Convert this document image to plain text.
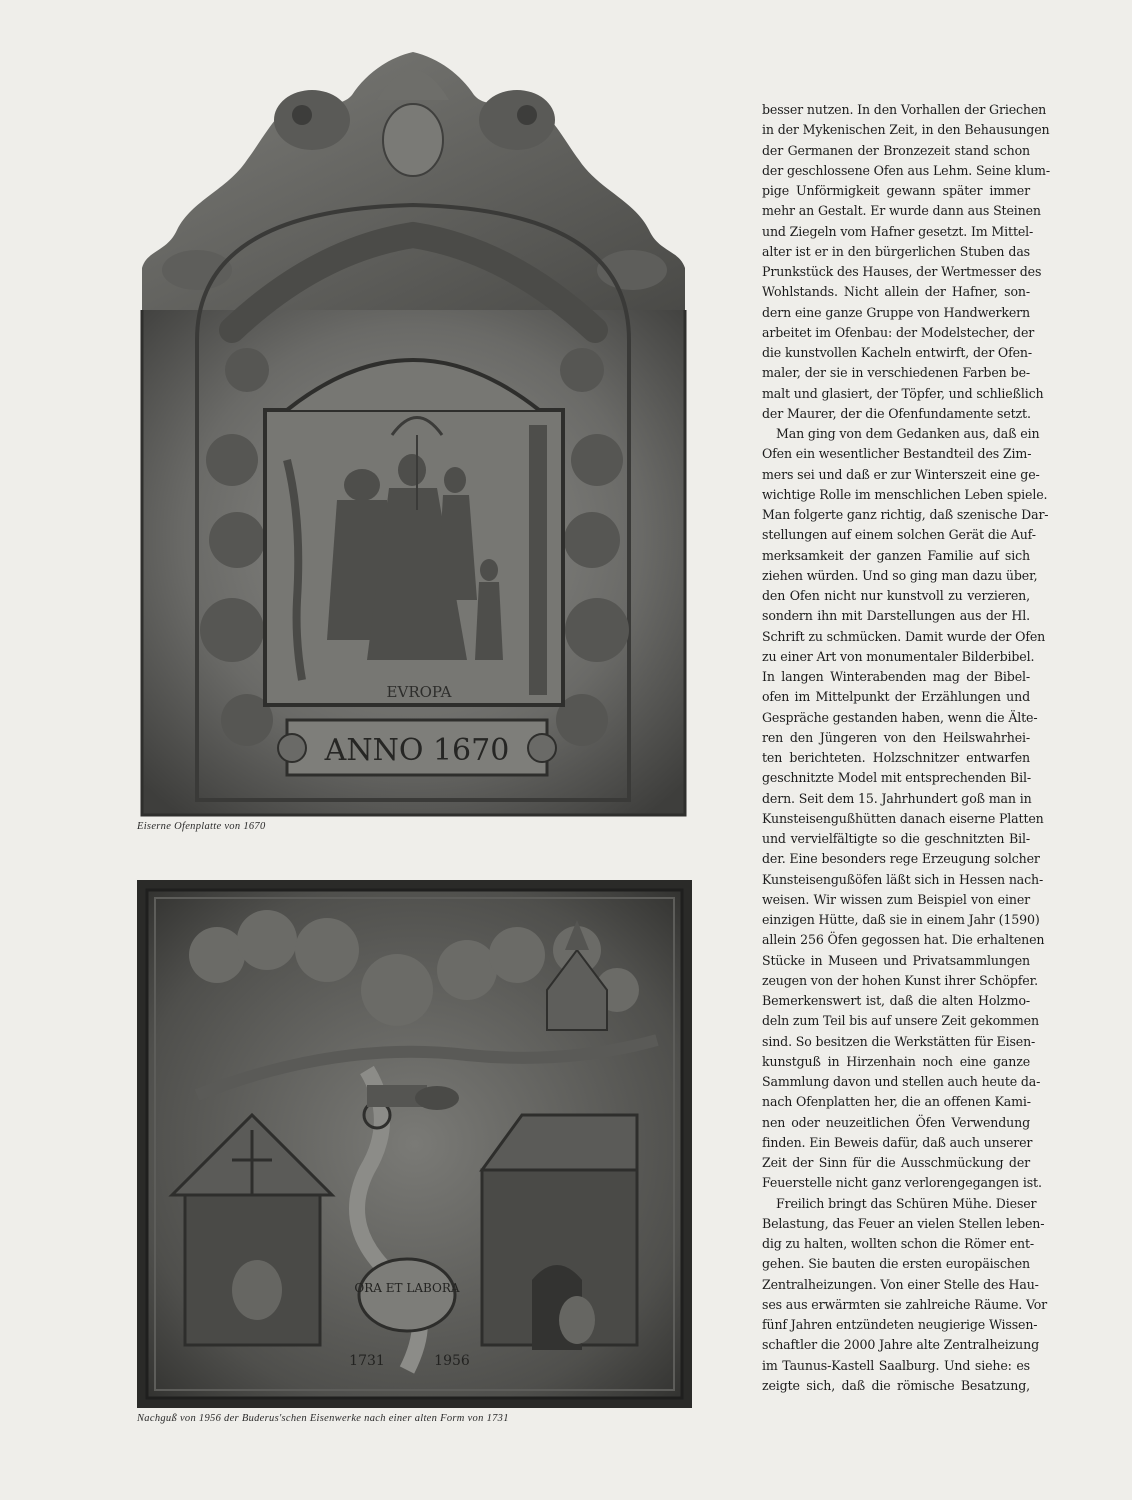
EVROPA
ANNO 1670
Eiserne Ofenplatte von 1670
ORA ET LABORA
1731	1956
Nachguß von 1956 der Buderus'schen Eisenwerke nach einer alten Form von 1731
besser nutzen. In den Vorhallen der Griechen
in der Mykenischen Zeit, in den Behausungen
der Germanen der Bronzezeit stand schon
der geschlossene Ofen aus Lehm. Seine klum-
pige Unförmigkeit gewann später immer
mehr an Gestalt. Er wurde dann aus Steinen
und Ziegeln vom Hafner gesetzt. Im Mittel-
alter ist er in den bürgerlichen Stuben das
Prunkstück des Hauses, der Wertmesser des
Wohlstands. Nicht allein der Hafner, son-
dern eine ganze Gruppe von Handwerkern
arbeitet im Ofenbau: der Modelstecher, der
die kunstvollen Kacheln entwirft, der Ofen-
maler, der sie in verschiedenen Farben be-
malt und glasiert, der Töpfer, und schließlich
der Maurer, der die Ofenfundamente setzt.
Man ging von dem Gedanken aus, daß ein
Ofen ein wesentlicher Bestandteil des Zim-
mers sei und daß er zur Winterszeit eine ge-
wichtige Rolle im menschlichen Leben spiele.
Man folgerte ganz richtig, daß szenische Dar-
stellungen auf einem solchen Gerät die Auf-
merksamkeit der ganzen Familie auf sich
ziehen würden. Und so ging man dazu über,
den Ofen nicht nur kunstvoll zu verzieren,
sondern ihn mit Darstellungen aus der Hl.
Schrift zu schmücken. Damit wurde der Ofen
zu einer Art von monumentaler Bilderbibel.
In langen Winterabenden mag der Bibel-
ofen im Mittelpunkt der Erzählungen und
Gespräche gestanden haben, wenn die Älte-
ren den Jüngeren von den Heilswahrhei-
ten berichteten. Holzschnitzer entwarfen
geschnitzte Model mit entsprechenden Bil-
dern. Seit dem 15. Jahrhundert goß man in
Kunsteisengußhütten danach eiserne Platten
und vervielfältigte so die geschnitzten Bil-
der. Eine besonders rege Erzeugung solcher
Kunsteisengußöfen läßt sich in Hessen nach-
weisen. Wir wissen zum Beispiel von einer
einzigen Hütte, daß sie in einem Jahr (1590)
allein 256 Öfen gegossen hat. Die erhaltenen
Stücke in Museen und Privatsammlungen
zeugen von der hohen Kunst ihrer Schöpfer.
Bemerkenswert ist, daß die alten Holzmo-
deln zum Teil bis auf unsere Zeit gekommen
sind. So besitzen die Werkstätten für Eisen-
kunstguß in Hirzenhain noch eine ganze
Sammlung davon und stellen auch heute da-
nach Ofenplatten her, die an offenen Kami-
nen oder neuzeitlichen Öfen Verwendung
finden. Ein Beweis dafür, daß auch unserer
Zeit der Sinn für die Ausschmückung der
Feuerstelle nicht ganz verlorengegangen ist.
Freilich bringt das Schüren Mühe. Dieser
Belastung, das Feuer an vielen Stellen leben-
dig zu halten, wollten schon die Römer ent-
gehen. Sie bauten die ersten europäischen
Zentralheizungen. Von einer Stelle des Hau-
ses aus erwärmten sie zahlreiche Räume. Vor
fünf Jahren entzündeten neugierige Wissen-
schaftler die 2000 Jahre alte Zentralheizung
im Taunus-Kastell Saalburg. Und siehe: es
zeigte sich, daß die römische Besatzung,
